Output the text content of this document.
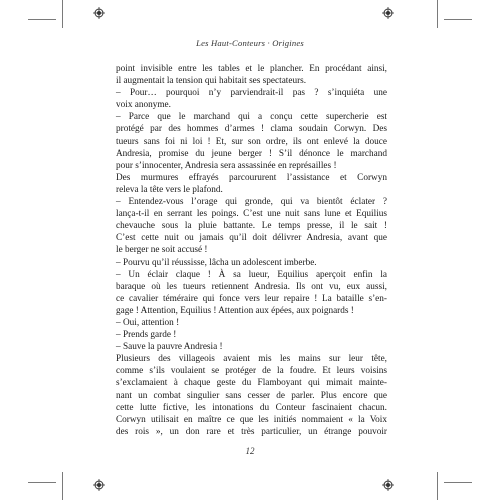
Les Haut-Conteurs · Origines
point invisible entre les tables et le plancher. En procédant ainsi,
il augmentait la tension qui habitait ses spectateurs.
– Pour… pourquoi n’y parviendrait-il pas ? s’inquiéta une
voix anonyme.
– Parce que le marchand qui a conçu cette supercherie est
protégé par des hommes d’armes ! clama soudain Corwyn. Des
tueurs sans foi ni loi ! Et, sur son ordre, ils ont enlevé la douce
Andresia, promise du jeune berger ! S’il dénonce le marchand
pour s’innocenter, Andresia sera assassinée en représailles !
Des murmures effrayés parcoururent l’assistance et Corwyn
releva la tête vers le plafond.
– Entendez-vous l’orage qui gronde, qui va bientôt éclater ?
lança-t-il en serrant les poings. C’est une nuit sans lune et Equilius
chevauche sous la pluie battante. Le temps presse, il le sait !
C’est cette nuit ou jamais qu’il doit délivrer Andresia, avant que
le berger ne soit accusé !
– Pourvu qu’il réussisse, lâcha un adolescent imberbe.
– Un éclair claque ! À sa lueur, Equilius aperçoit enfin la
baraque où les tueurs retiennent Andresia. Ils ont vu, eux aussi,
ce cavalier téméraire qui fonce vers leur repaire ! La bataille s’en-
gage ! Attention, Equilius ! Attention aux épées, aux poignards !
– Oui, attention !
– Prends garde !
– Sauve la pauvre Andresia !
Plusieurs des villageois avaient mis les mains sur leur tête,
comme s’ils voulaient se protéger de la foudre. Et leurs voisins
s’exclamaient à chaque geste du Flamboyant qui mimait mainte-
nant un combat singulier sans cesser de parler. Plus encore que
cette lutte fictive, les intonations du Conteur fascinaient chacun.
Corwyn utilisait en maître ce que les initiés nommaient « la Voix
des rois », un don rare et très particulier, un étrange pouvoir
12
